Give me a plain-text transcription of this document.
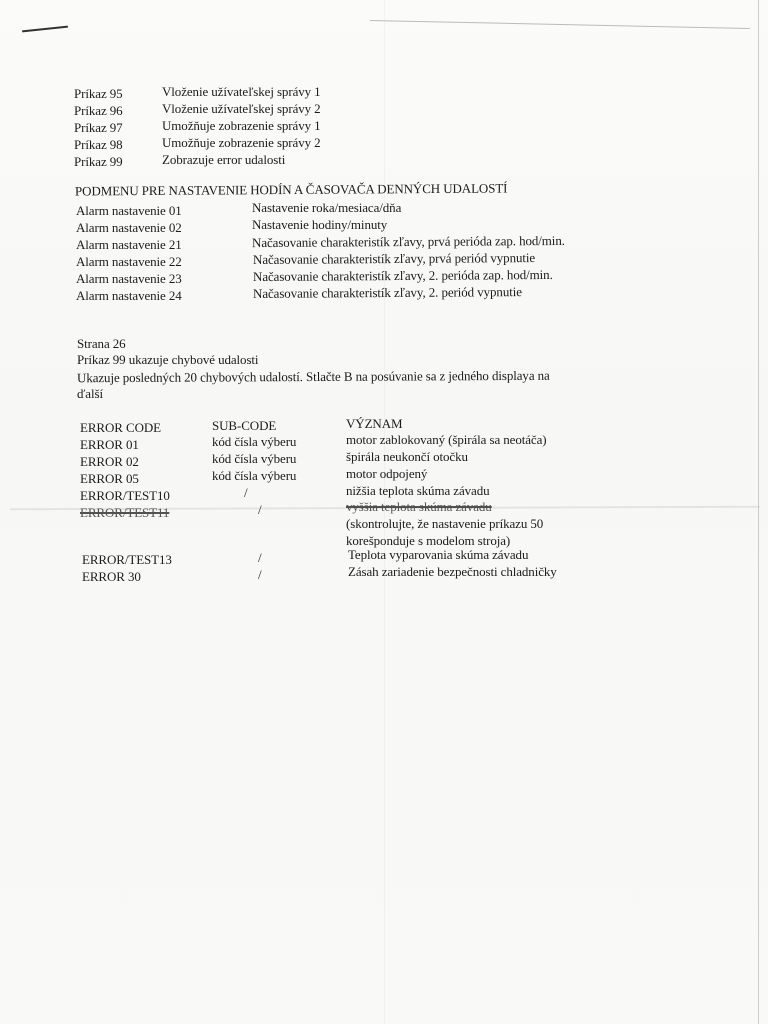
Príkaz 95	Vloženie užívateľskej správy 1
Príkaz 96	Vloženie užívateľskej správy 2
Príkaz 97	Umožňuje zobrazenie správy 1
Príkaz 98	Umožňuje zobrazenie správy 2
Príkaz 99	Zobrazuje error udalosti
PODMENU PRE NASTAVENIE HODÍN A ČASOVAČA DENNÝCH UDALOSTÍ
Alarm nastavenie 01	Nastavenie roka/mesiaca/dňa
Alarm nastavenie 02	Nastavenie hodiny/minuty
Alarm nastavenie 21	Načasovanie charakteristík zľavy, prvá perióda zap. hod/min.
Alarm nastavenie 22	Načasovanie charakteristík zľavy, prvá periód vypnutie
Alarm nastavenie 23	Načasovanie charakteristík zľavy, 2. perióda zap. hod/min.
Alarm nastavenie 24	Načasovanie charakteristík zľavy, 2. periód vypnutie
Strana 26
Príkaz 99 ukazuje chybové udalosti
Ukazuje posledných 20 chybových udalostí. Stlačte B na posúvanie sa z jedného displaya na
ďalší
ERROR CODE	SUB-CODE	VÝZNAM
ERROR 01	kód čísla výberu	motor zablokovaný (špirála sa neotáča)
ERROR 02	kód čísla výberu	špirála neukončí otočku
ERROR 05	kód čísla výberu	motor odpojený
ERROR/TEST10	/	nižšia teplota skúma závadu
ERROR/TEST11	/	vyššia teplota skúma závadu
(skontrolujte, že nastavenie príkazu 50
korešponduje s modelom stroja)
ERROR/TEST13	/	Teplota vyparovania skúma závadu
ERROR 30	/	Zásah zariadenie bezpečnosti chladničky
